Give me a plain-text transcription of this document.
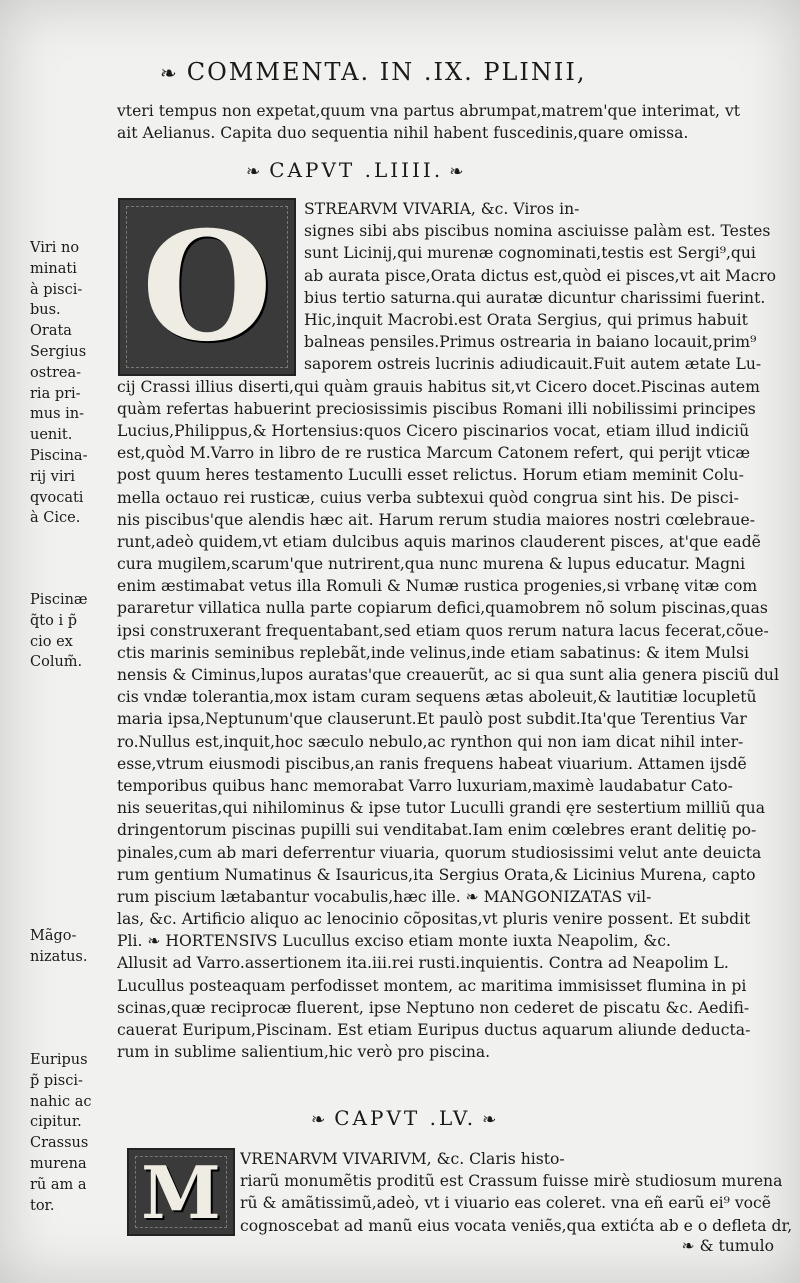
❧ COMMENTA. IN .IX. PLINII,
vteri tempus non expetat,quum vna partus abrumpat,matrem'que interimat, vt
ait Aelianus. Capita duo sequentia nihil habent fuscedinis,quare omissa.
❧ CAPVT .LIIII. ❧
O STREARVM VIVARIA, &c. Viros in-
signes sibi abs piscibus nomina asciuisse palàm est. Testes
sunt Licinij,qui murenæ cognominati,testis est Sergi⁹,qui
ab aurata pisce,Orata dictus est,quòd ei pisces,vt ait Macro
bius tertio saturna.qui auratæ dicuntur charissimi fuerint.
Hic,inquit Macrobi.est Orata Sergius, qui primus habuit
balneas pensiles.Primus ostrearia in baiano locauit,prim⁹
saporem ostreis lucrinis adiudicauit.Fuit autem ætate Lu-
cij Crassi illius diserti,qui quàm grauis habitus sit,vt Cicero docet.Piscinas autem
quàm refertas habuerint preciosissimis piscibus Romani illi nobilissimi principes
Lucius,Philippus,& Hortensius:quos Cicero piscinarios vocat, etiam illud indiciũ
est,quòd M.Varro in libro de re rustica Marcum Catonem refert, qui perijt vticæ
post quum heres testamento Luculli esset relictus. Horum etiam meminit Colu-
mella octauo rei rusticæ, cuius verba subtexui quòd congrua sint his. De pisci-
nis piscibus'que alendis hæc ait. Harum rerum studia maiores nostri cœlebraue-
runt,adeò quidem,vt etiam dulcibus aquis marinos clauderent pisces, at'que eadẽ
cura mugilem,scarum'que nutrirent,qua nunc murena & lupus educatur. Magni
enim æstimabat vetus illa Romuli & Numæ rustica progenies,si vrbanę vitæ com
pararetur villatica nulla parte copiarum defici,quamobrem nõ solum piscinas,quas
ipsi construxerant frequentabant,sed etiam quos rerum natura lacus fecerat,cõue-
ctis marinis seminibus replebãt,inde velinus,inde etiam sabatinus: & item Mulsi
nensis & Ciminus,lupos auratas'que creauerũt, ac si qua sunt alia genera pisciũ dul
cis vndæ tolerantia,mox istam curam sequens ætas aboleuit,& lautitiæ locupletũ
maria ipsa,Neptunum'que clauserunt.Et paulò post subdit.Ita'que Terentius Var
ro.Nullus est,inquit,hoc sæculo nebulo,ac rynthon qui non iam dicat nihil inter-
esse,vtrum eiusmodi piscibus,an ranis frequens habeat viuarium. Attamen ijsdẽ
temporibus quibus hanc memorabat Varro luxuriam,maximè laudabatur Cato-
nis seueritas,qui nihilominus & ipse tutor Luculli grandi ęre sestertium milliũ qua
dringentorum piscinas pupilli sui venditabat.Iam enim cœlebres erant delitię po-
pinales,cum ab mari deferrentur viuaria, quorum studiosissimi velut ante deuicta
rum gentium Numatinus & Isauricus,ita Sergius Orata,& Licinius Murena, capto
rum piscium lætabantur vocabulis,hæc ille. ❧ MANGONIZATAS vil-
las, &c. Artificio aliquo ac lenocinio cõpositas,vt pluris venire possent. Et subdit
Pli. ❧ HORTENSIVS Lucullus exciso etiam monte iuxta Neapolim, &c.
Allusit ad Varro.assertionem ita.iii.rei rusti.inquientis. Contra ad Neapolim L.
Lucullus posteaquam perfodisset montem, ac maritima immisisset flumina in pi
scinas,quæ reciprocæ fluerent, ipse Neptuno non cederet de piscatu &c. Aedifi-
cauerat Euripum,Piscinam. Est etiam Euripus ductus aquarum aliunde deducta-
rum in sublime salientium,hic verò pro piscina.
❧ CAPVT .LV. ❧
M VRENARVM VIVARIVM, &c. Claris histo-
riarũ monumẽtis proditũ est Crassum fuisse mirè studiosum murena
rũ & amãtissimũ,adeò, vt i viuario eas coleret. vna eñ earũ ei⁹ vocẽ
cognoscebat ad manũ eius vocata veniẽs,qua extićta ab e o defleta dr,
❧ & tumulo
Viri no
minati
à pisci-
bus.
Orata
Sergius
ostrea-
ria pri-
mus in-
uenit.
Piscina-
rij viri
qvocati
à Cice.
Piscinæ
q̃to i p̃
cio ex
Colum̃.
Mãgo-
nizatus.
Euripus
p̃ pisci-
nahic ac
cipitur.
Crassus
murena
rũ am a
tor.
